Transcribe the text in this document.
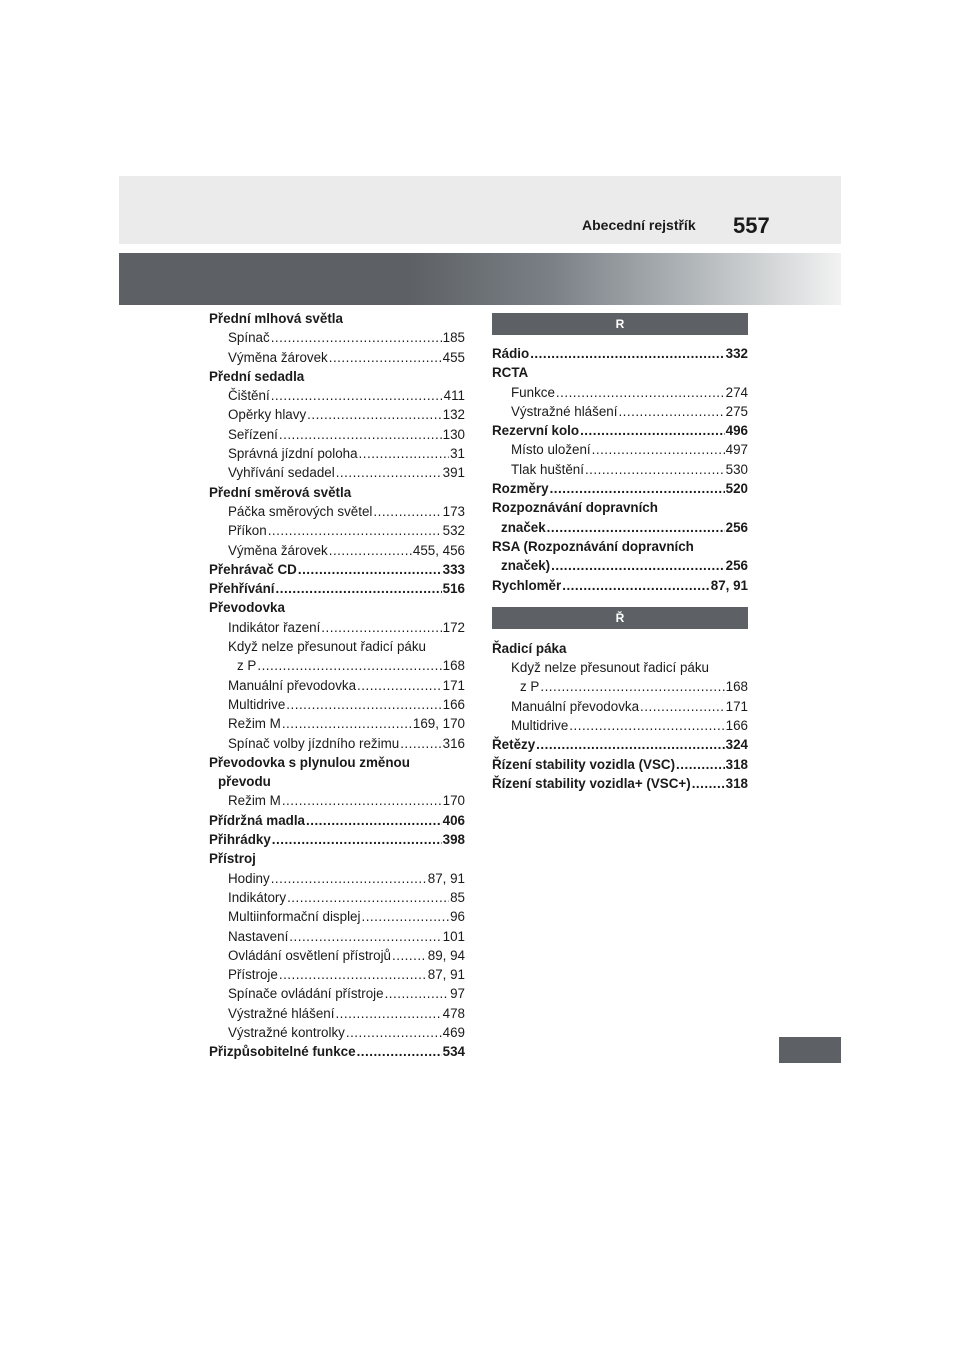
Abecední rejstřík 557
Přední mlhová světla
Spínač .....	185
Výměna žárovek .....	455
Přední sedadla
Čištění .....	411
Opěrky hlavy .....	132
Seřízení .....	130
Správná jízdní poloha .....	31
Vyhřívání sedadel .....	391
Přední směrová světla
Páčka směrových světel .....	173
Příkon .....	532
Výměna žárovek .....	455, 456
Přehrávač CD .....	333
Přehřívání .....	516
Převodovka
Indikátor řazení .....	172
Když nelze přesunout řadicí páku
z P .....	168
Manuální převodovka .....	171
Multidrive .....	166
Režim M .....	169, 170
Spínač volby jízdního režimu .....	316
Převodovka s plynulou změnou
převodu
Režim M .....	170
Přídržná madla .....	406
Přihrádky .....	398
Přístroj
Hodiny .....	87, 91
Indikátory .....	85
Multiinformační displej .....	96
Nastavení .....	101
Ovládání osvětlení přístrojů .....	89, 94
Přístroje .....	87, 91
Spínače ovládání přístroje .....	97
Výstražné hlášení .....	478
Výstražné kontrolky .....	469
Přizpůsobitelné funkce .....	534
R
Rádio .....	332
RCTA
Funkce .....	274
Výstražné hlášení .....	275
Rezervní kolo .....	496
Místo uložení .....	497
Tlak huštění .....	530
Rozměry .....	520
Rozpoznávání dopravních
značek .....	256
RSA (Rozpoznávání dopravních
značek) .....	256
Rychloměr .....	87, 91
Ř
Řadicí páka
Když nelze přesunout řadicí páku
z P .....	168
Manuální převodovka .....	171
Multidrive .....	166
Řetězy .....	324
Řízení stability vozidla (VSC) .....	318
Řízení stability vozidla+ (VSC+) .....	318
